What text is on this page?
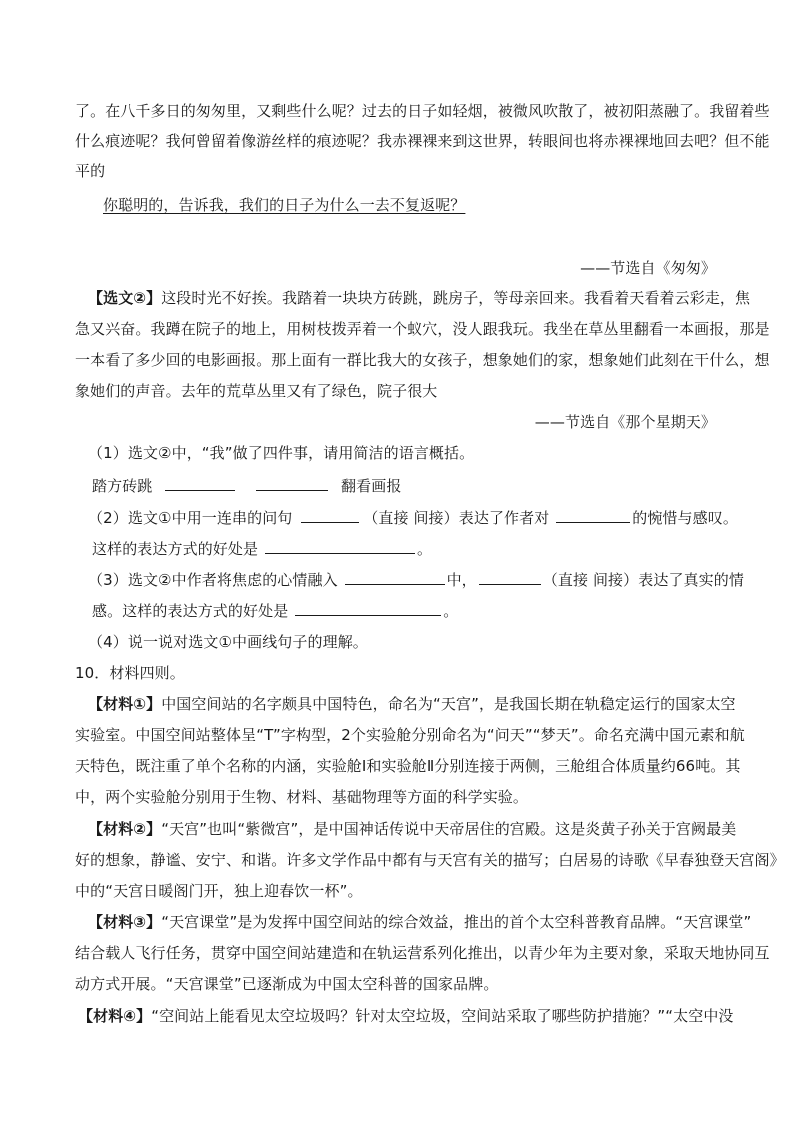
了。在八千多日的匆匆里，又剩些什么呢？过去的日子如轻烟，被微风吹散了，被初阳蒸融了。我留着些
什么痕迹呢？我何曾留着像游丝样的痕迹呢？我赤裸裸来到这世界，转眼间也将赤裸裸地回去吧？但不能
平的
你聪明的，告诉我，我们的日子为什么一去不复返呢？
——节选自《匆匆》
【选文②】这段时光不好挨。我踏着一块块方砖跳，跳房子，等母亲回来。我看着天看着云彩走，焦
急又兴奋。我蹲在院子的地上，用树枝拨弄着一个蚁穴，没人跟我玩。我坐在草丛里翻看一本画报，那是
一本看了多少回的电影画报。那上面有一群比我大的女孩子，想象她们的家，想象她们此刻在干什么，想
象她们的声音。去年的荒草丛里又有了绿色，院子很大
——节选自《那个星期天》
（1）选文②中，“我”做了四件事，请用简洁的语言概括。
踏方砖跳	翻看画报
（2）选文①中用一连串的问句	（直接 间接）表达了作者对	的惋惜与感叹。
这样的表达方式的好处是	。
（3）选文②中作者将焦虑的心情融入	中，	（直接 间接）表达了真实的情
感。这样的表达方式的好处是	。
（4）说一说对选文①中画线句子的理解。
10．材料四则。
【材料①】中国空间站的名字颇具中国特色，命名为“天宫”，是我国长期在轨稳定运行的国家太空
实验室。中国空间站整体呈“T”字构型，2个实验舱分别命名为“问天”“梦天”。命名充满中国元素和航
天特色，既注重了单个名称的内涵，实验舱Ⅰ和实验舱Ⅱ分别连接于两侧，三舱组合体质量约66吨。其
中，两个实验舱分别用于生物、材料、基础物理等方面的科学实验。
【材料②】“天宫”也叫“紫微宫”，是中国神话传说中天帝居住的宫殿。这是炎黄子孙关于宫阙最美
好的想象，静谧、安宁、和谐。许多文学作品中都有与天宫有关的描写；白居易的诗歌《早春独登天宫阁》
中的“天宫日暖阁门开，独上迎春饮一杯”。
【材料③】“天宫课堂”是为发挥中国空间站的综合效益，推出的首个太空科普教育品牌。“天宫课堂”
结合载人飞行任务，贯穿中国空间站建造和在轨运营系列化推出，以青少年为主要对象，采取天地协同互
动方式开展。“天宫课堂”已逐渐成为中国太空科普的国家品牌。
【材料④】“空间站上能看见太空垃圾吗？针对太空垃圾，空间站采取了哪些防护措施？”“太空中没
